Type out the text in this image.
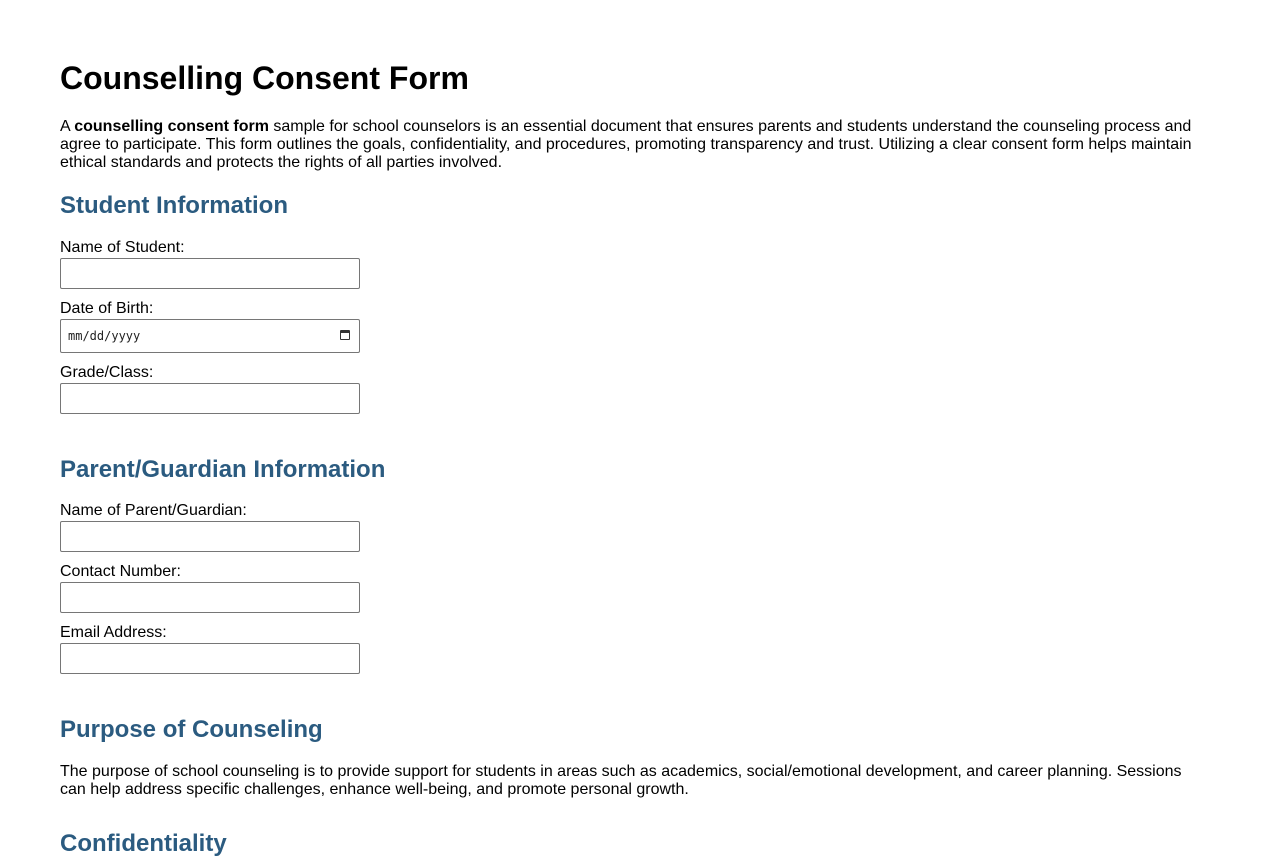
Counselling Consent Form

A counselling consent form sample for school counselors is an essential document that ensures parents and students understand the counseling process and agree to participate. This form outlines the goals, confidentiality, and procedures, promoting transparency and trust. Utilizing a clear consent form helps maintain ethical standards and protects the rights of all parties involved.

Student Information
Name of Student:
Date of Birth:
mm/dd/yyyy
Grade/Class:
Parent/Guardian Information
Name of Parent/Guardian:
Contact Number:
Email Address:
Purpose of Counseling

The purpose of school counseling is to provide support for students in areas such as academics, social/emotional development, and career planning. Sessions can help address specific challenges, enhance well-being, and promote personal growth.

Confidentiality
